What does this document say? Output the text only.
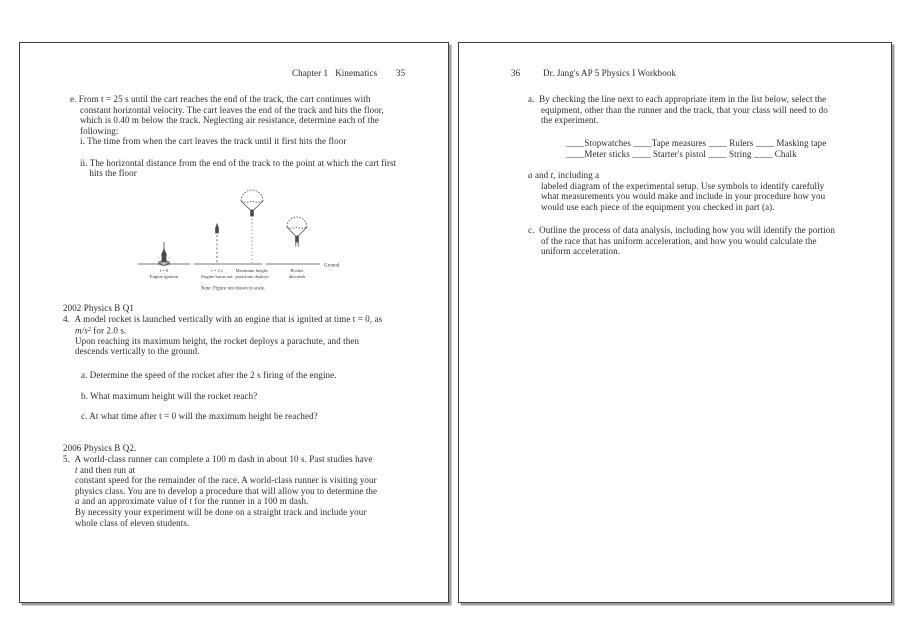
Chapter 1   Kinematics 35
e. From t = 25 s until the cart reaches the end of the track, the cart continues with
constant horizontal velocity. The cart leaves the end of the track and hits the floor,
which is 0.40 m below the track. Neglecting air resistance, determine each of the
following:
i. The time from when the cart leaves the track until it first hits the floor

ii. The horizontal distance from the end of the track to the point at which the cart first
hits the floor
t = 0
Engine ignition
t = 2 s
Engine burns out
Maximum height;
parachute deploys
Rocket
descends
Ground
Note: Figure not drawn to scale.
2002 Physics B Q1
4.  A model rocket is launched vertically with an engine that is ignited at time t = 0, as
$m/s^2$ for 2.0 s.
Upon reaching its maximum height, the rocket deploys a parachute, and then
descends vertically to the ground.
a. Determine the speed of the rocket after the 2 s firing of the engine.
b. What maximum height will the rocket reach?
c. At what time after t = 0 will the maximum height be reached?
2006 Physics B Q2.
5.  A world-class runner can complete a 100 m dash in about 10 s. Past studies have
t and then run at
constant speed for the remainder of the race. A world-class runner is visiting your
physics class. You are to develop a procedure that will allow you to determine the
a and an approximate value of t for the runner in a 100 m dash.
By necessity your experiment will be done on a straight track and include your
whole class of eleven students.
36	Dr. Jang's AP 5 Physics I Workbook
a.  By checking the line next to each appropriate item in the list below, select the
equipment, other than the runner and the track, that your class will need to do
the experiment.
____Stopwatches ____Tape measures ____ Rulers ____ Masking tape
____Meter sticks ____ Starter's pistol ____ String ____ Chalk
a and t, including a
labeled diagram of the experimental setup. Use symbols to identify carefully
what measurements you would make and include in your procedure how you
would use each piece of the equipment you checked in part (a).
c.  Outline the process of data analysis, including how you will identify the portion
of the race that has uniform acceleration, and how you would calculate the
uniform acceleration.
